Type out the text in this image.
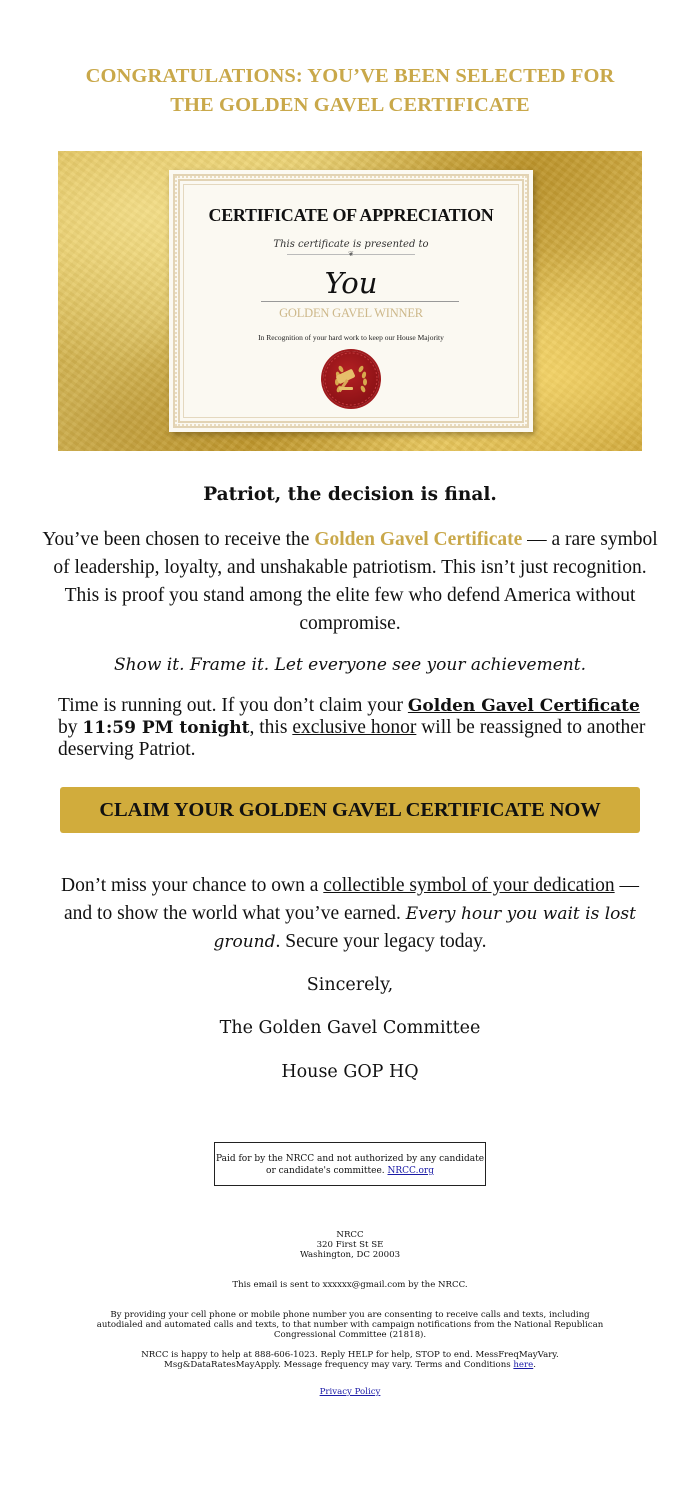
CONGRATULATIONS: YOU’VE BEEN SELECTED FOR
THE GOLDEN GAVEL CERTIFICATE
CERTIFICATE OF APPRECIATION
This certificate is presented to
❦
You
GOLDEN GAVEL WINNER
In Recognition of your hard work to keep our House Majority
Patriot, the decision is final.

You’ve been chosen to receive the Golden Gavel Certificate — a rare symbol of leadership, loyalty, and unshakable patriotism. This isn’t just recognition. This is proof you stand among the elite few who defend America without compromise.

Show it. Frame it. Let everyone see your achievement.

Time is running out. If you don’t claim your Golden Gavel Certificate by 11:59 PM tonight, this exclusive honor will be reassigned to another deserving Patriot.

CLAIM YOUR GOLDEN GAVEL CERTIFICATE NOW

Don’t miss your chance to own a collectible symbol of your dedication — and to show the world what you’ve earned. Every hour you wait is lost ground. Secure your legacy today.

Sincerely,
The Golden Gavel Committee
House GOP HQ
Paid for by the NRCC and not authorized by any candidate or candidate's committee. NRCC.org
NRCC
320 First St SE
Washington, DC 20003
This email is sent to xxxxxx@gmail.com by the NRCC.
By providing your cell phone or mobile phone number you are consenting to receive calls and texts, including autodialed and automated calls and texts, to that number with campaign notifications from the National Republican Congressional Committee (21818).
NRCC is happy to help at 888-606-1023. Reply HELP for help, STOP to end. MessFreqMayVary. Msg&DataRatesMayApply. Message frequency may vary. Terms and Conditions here.
Privacy Policy
